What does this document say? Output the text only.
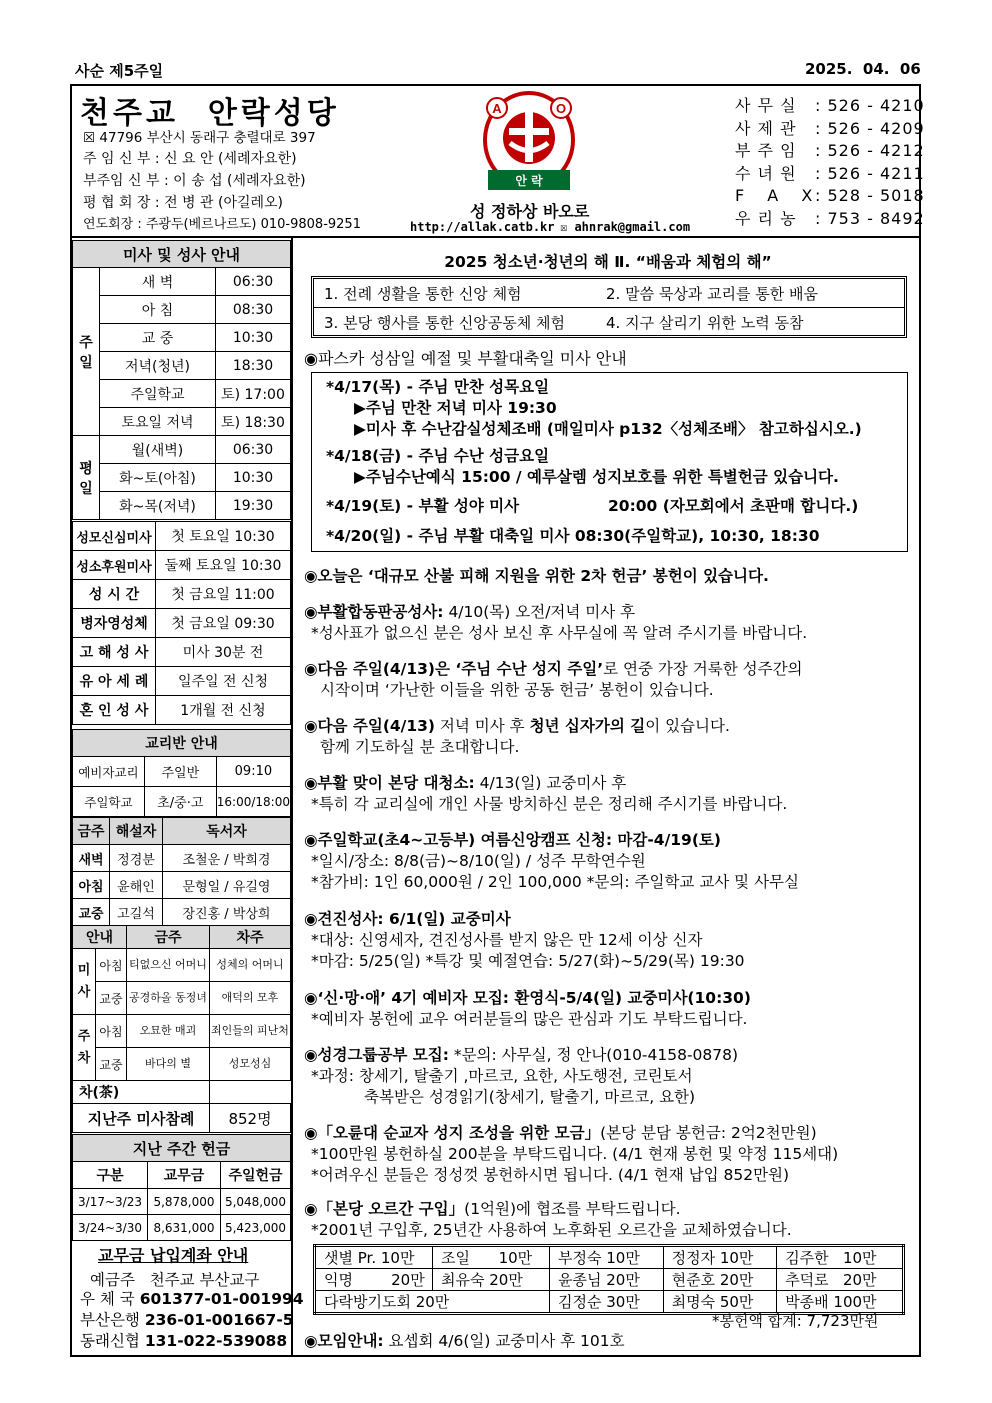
사순 제5주일	2025.  04.  06
천주교  안락성당
☒ 47796 부산시 동래구 충렬대로 397
주 임 신 부 : 신 요 안 (세례자요한)
부주임 신 부 : 이 송 섭 (세례자요한)
평 협 회 장 : 전 병 관 (아길레오)
연도회장 : 주광두(베르나르도) 010-9808-9251
A	O
안 락
성 정하상 바오로
http://allak.catb.kr ☒ ahnrak@gmail.com
사 무 실 : 526 - 4210
사 제 관 : 526 - 4209
부 주 임 : 526 - 4212
수 녀 원 : 526 - 4211
F A X: 528 - 5018
우 리 농 : 753 - 8492
미사 및 성사 안내		
주일	새 벽	06:30
	아 침	08:30
	교 중	10:30
	저녁(청년)	18:30
	주일학교	토) 17:00
	토요일 저녁	토) 18:30
평일	월(새벽)	06:30
	화~토(아침)	10:30
	화~목(저녁)	19:30
성모신심미사	첫 토요일 10:30
성소후원미사	둘째 토요일 10:30
성 시 간	첫 금요일 11:00
병자영성체	첫 금요일 09:30
고 해 성 사	미사 30분 전
유 아 세 례	일주일 전 신청
혼 인 성 사	1개월 전 신청
교리반 안내		
예비자교리	주일반	09:10
주일학교	초/중·고	16:00/18:00
금주	해설자	독서자
새벽	정경분	조철운 / 박희경
아침	윤해인	문형일 / 유길영
교중	고길석	장진홍 / 박상희
안내		금주	차주
미사	아침	티없으신 어머니	성체의 어머니
	교중	공경하올 동정녀	애덕의 모후
주차	아침	오묘한 매괴	죄인들의 피난처
	교중	바다의 별	성모성심
차(茶)			
지난주 미사참례			852명
지난 주간 헌금		
구분	교무금	주일헌금
3/17~3/23	5,878,000	5,048,000
3/24~3/30	8,631,000	5,423,000
교무금 납입계좌 안내
예금주   천주교 부산교구
우 체 국 601377-01-001994
부산은행 236-01-001667-5
동래신협 131-022-539088
2025 청소년·청년의 해 Ⅱ. “배움과 체험의 해”
1. 전례 생활을 통한 신앙 체험	2. 말씀 묵상과 교리를 통한 배움
3. 본당 행사를 통한 신앙공동체 체험	4. 지구 살리기 위한 노력 동참
◉파스카 성삼일 예절 및 부활대축일 미사 안내
*4/17(목) - 주님 만찬 성목요일
▶주님 만찬 저녁 미사 19:30
▶미사 후 수난감실성체조배 (매일미사 p132〈성체조배〉 참고하십시오.)
*4/18(금) - 주님 수난 성금요일
▶주님수난예식 15:00 / 예루살렘 성지보호를 위한 특별헌금 있습니다.
*4/19(토) - 부활 성야 미사	20:00 (자모회에서 초판매 합니다.)
*4/20(일) - 주님 부활 대축일 미사 08:30(주일학교), 10:30, 18:30
◉오늘은 ‘대규모 산불 피해 지원을 위한 2차 헌금’ 봉헌이 있습니다.
◉부활합동판공성사: 4/10(목) 오전/저녁 미사 후
*성사표가 없으신 분은 성사 보신 후 사무실에 꼭 알려 주시기를 바랍니다.
◉다음 주일(4/13)은 ‘주님 수난 성지 주일’로 연중 가장 거룩한 성주간의
시작이며 ‘가난한 이들을 위한 공동 헌금’ 봉헌이 있습니다.
◉다음 주일(4/13) 저녁 미사 후 청년 십자가의 길이 있습니다.
함께 기도하실 분 초대합니다.
◉부활 맞이 본당 대청소: 4/13(일) 교중미사 후
*특히 각 교리실에 개인 사물 방치하신 분은 정리해 주시기를 바랍니다.
◉주일학교(초4~고등부) 여름신앙캠프 신청: 마감-4/19(토)
*일시/장소: 8/8(금)~8/10(일) / 성주 무학연수원
*참가비: 1인 60,000원 / 2인 100,000 *문의: 주일학교 교사 및 사무실
◉견진성사: 6/1(일) 교중미사
*대상: 신영세자, 견진성사를 받지 않은 만 12세 이상 신자
*마감: 5/25(일) *특강 및 예절연습: 5/27(화)~5/29(목) 19:30
◉‘신·망·애’ 4기 예비자 모집: 환영식-5/4(일) 교중미사(10:30)
*예비자 봉헌에 교우 여러분들의 많은 관심과 기도 부탁드립니다.
◉성경그룹공부 모집: *문의: 사무실, 정 안나(010-4158-0878)
*과정: 창세기, 탈출기 ,마르코, 요한, 사도행전, 코린토서
축복받은 성경읽기(창세기, 탈출기, 마르코, 요한)
◉「오륜대 순교자 성지 조성을 위한 모금」(본당 분담 봉헌금: 2억2천만원)
*100만원 봉헌하실 200분을 부탁드립니다. (4/1 현재 봉헌 및 약정 115세대)
*어려우신 분들은 정성껏 봉헌하시면 됩니다. (4/1 현재 납입 852만원)
◉「본당 오르간 구입」(1억원)에 협조를 부탁드립니다.
*2001년 구입후, 25년간 사용하여 노후화된 오르간을 교체하였습니다.
샛별 Pr. 10만	조일      10만	부정숙 10만	정정자 10만	김주한   10만
익명        20만	최유숙 20만	윤종님 20만	현준호 20만	추덕로   20만
다락방기도회 20만		김정순 30만	최명숙 50만	박종배 100만
*봉헌액 합계: 7,723만원
◉모임안내: 요셉회 4/6(일) 교중미사 후 101호
